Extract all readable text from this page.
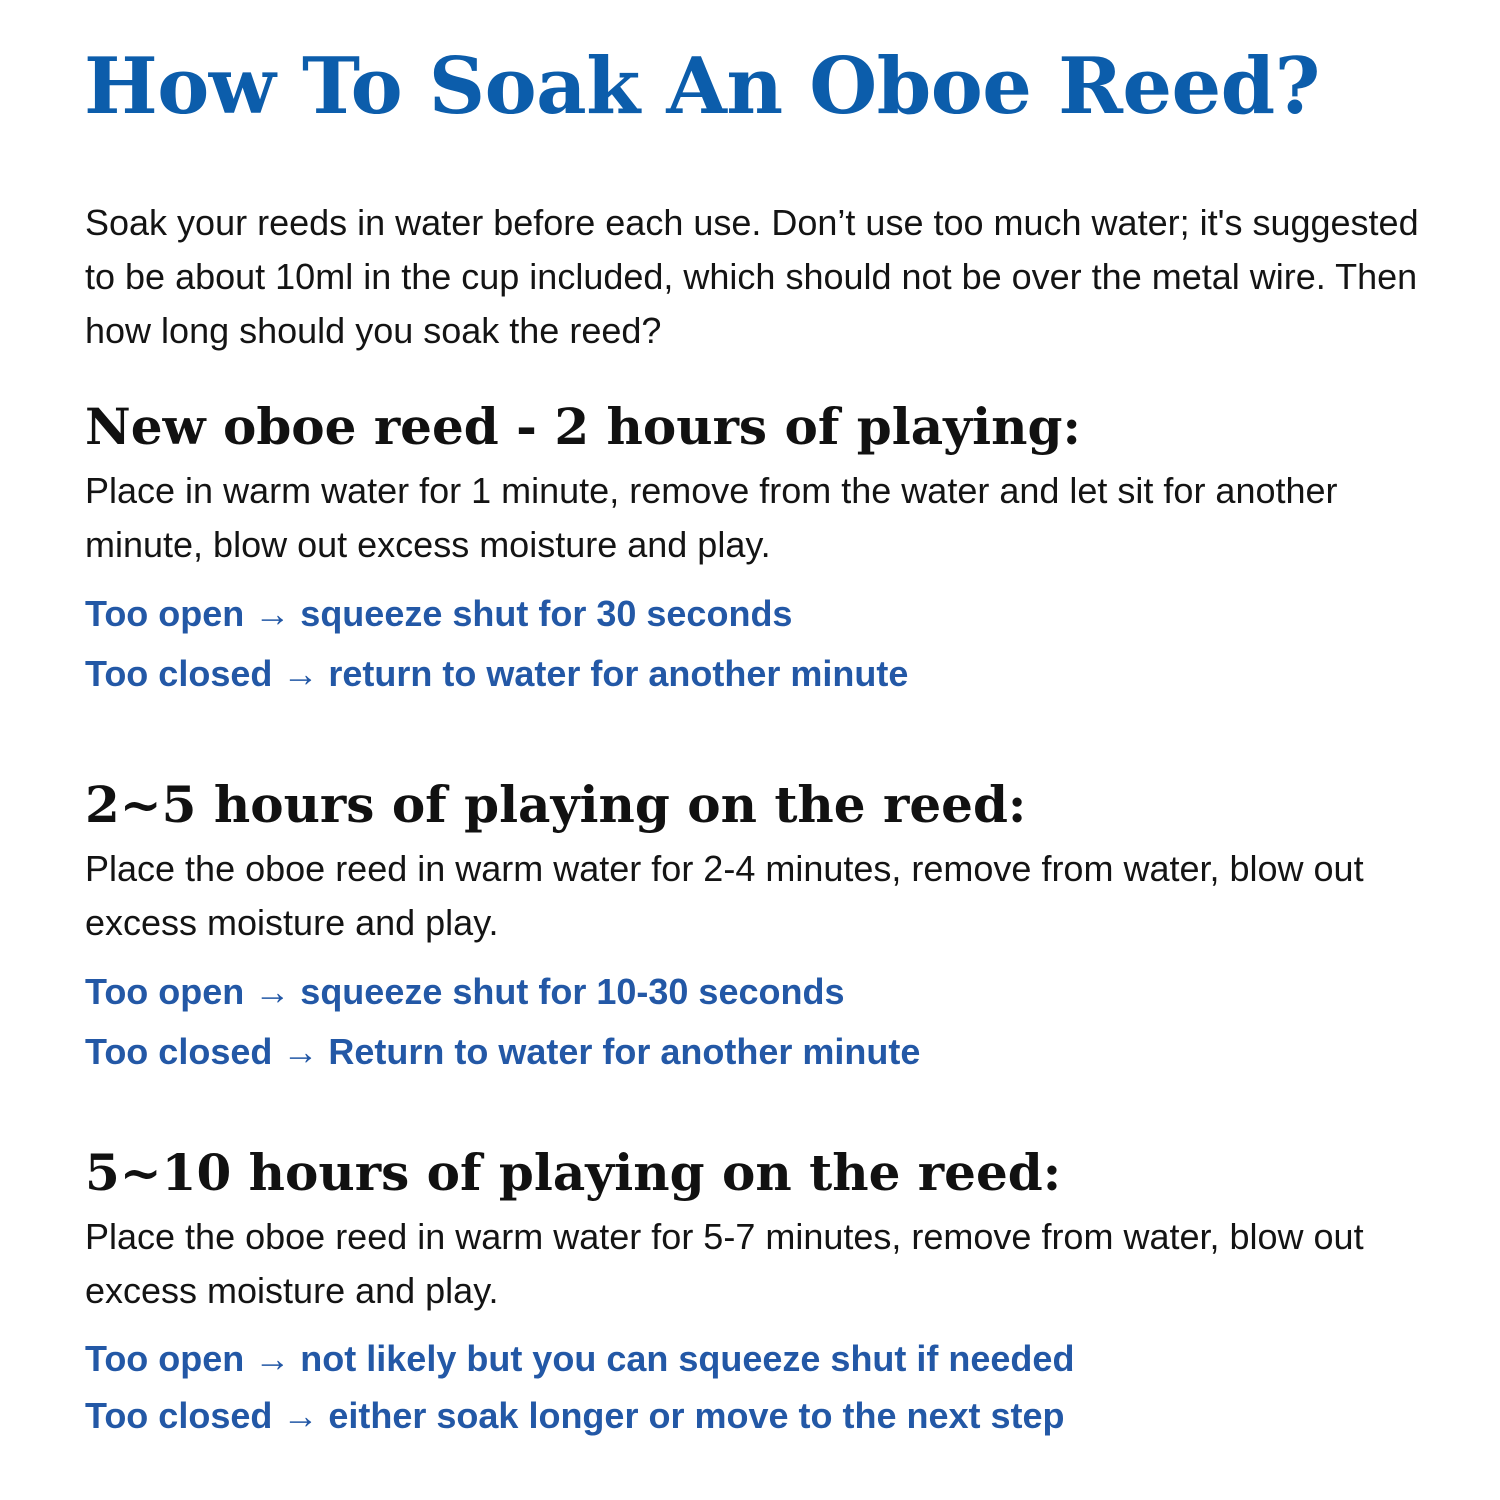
How To Soak An Oboe Reed?

Soak your reeds in water before each use. Don’t use too much water; it's suggested to be about 10ml in the cup included, which should not be over the metal wire. Then how long should you soak the reed?

New oboe reed - 2 hours of playing:

Place in warm water for 1 minute, remove from the water and let sit for another minute, blow out excess moisture and play.

Too open → squeeze shut for 30 seconds
Too closed → return to water for another minute
2~5 hours of playing on the reed:

Place the oboe reed in warm water for 2-4 minutes, remove from water, blow out excess moisture and play.

Too open → squeeze shut for 10-30 seconds
Too closed → Return to water for another minute
5~10 hours of playing on the reed:

Place the oboe reed in warm water for 5-7 minutes, remove from water, blow out excess moisture and play.

Too open → not likely but you can squeeze shut if needed
Too closed → either soak longer or move to the next step
